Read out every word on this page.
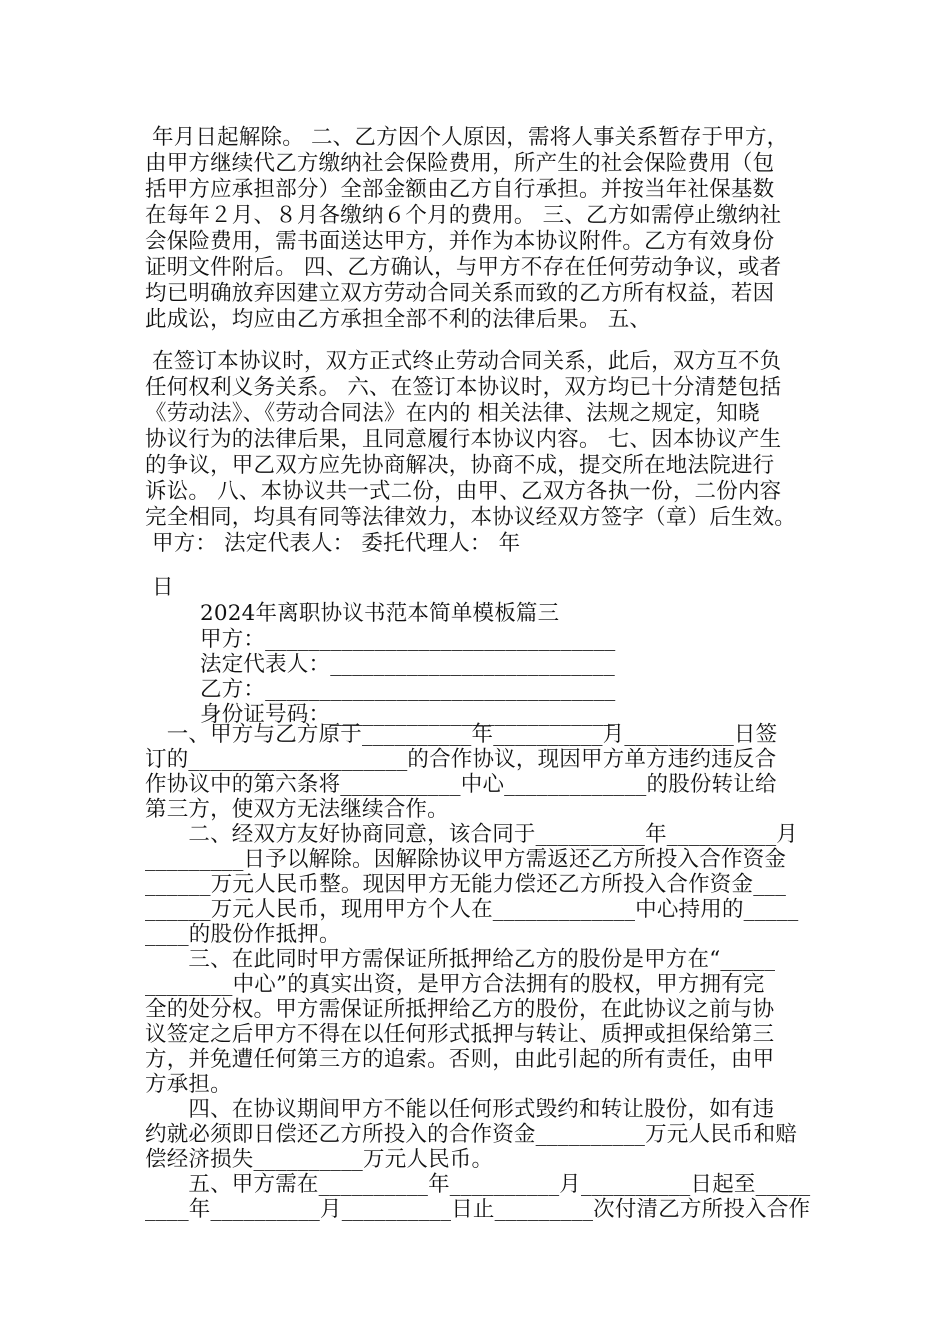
年月日起解除。 二、乙方因个人原因，需将人事关系暂存于甲方，
由甲方继续代乙方缴纳社会保险费用，所产生的社会保险费用（包
括甲方应承担部分）全部金额由乙方自行承担。并按当年社保基数
在每年２月、８月各缴纳６个月的费用。 三、乙方如需停止缴纳社
会保险费用，需书面送达甲方，并作为本协议附件。乙方有效身份
证明文件附后。 四、乙方确认，与甲方不存在任何劳动争议，或者
均已明确放弃因建立双方劳动合同关系而致的乙方所有权益，若因
此成讼，均应由乙方承担全部不利的法律后果。 五、
在签订本协议时，双方正式终止劳动合同关系，此后，双方互不负
任何权利义务关系。 六、在签订本协议时，双方均已十分清楚包括
《劳动法》、《劳动合同法》在内的 相关法律、法规之规定，知晓
协议行为的法律后果，且同意履行本协议内容。 七、因本协议产生
的争议，甲乙双方应先协商解决，协商不成，提交所在地法院进行
诉讼。 八、本协议共一式二份，由甲、乙双方各执一份，二份内容
完全相同，均具有同等法律效力，本协议经双方签字（章）后生效。
甲方： 法定代表人： 委托代理人： 年
日
2024年离职协议书范本简单模板篇三
甲方：________________________________
法定代表人：__________________________
乙方：________________________________
身份证号码：__________________________
　一、甲方与乙方原于__________年__________月__________日签
订的____________________的合作协议，现因甲方单方违约违反合
作协议中的第六条将___________中心_____________的股份转让给
第三方，使双方无法继续合作。
　　二、经双方友好协商同意，该合同于__________年__________月
_________日予以解除。因解除协议甲方需返还乙方所投入合作资金
______万元人民币整。现因甲方无能力偿还乙方所投入合作资金___
______万元人民币，现用甲方个人在_____________中心持用的_____
____的股份作抵押。
　　三、在此同时甲方需保证所抵押给乙方的股份是甲方在“_____
________中心”的真实出资，是甲方合法拥有的股权，甲方拥有完
全的处分权。甲方需保证所抵押给乙方的股份，在此协议之前与协
议签定之后甲方不得在以任何形式抵押与转让、质押或担保给第三
方，并免遭任何第三方的追索。否则，由此引起的所有责任，由甲
方承担。
　　四、在协议期间甲方不能以任何形式毁约和转让股份，如有违
约就必须即日偿还乙方所投入的合作资金__________万元人民币和赔
偿经济损失__________万元人民币。
　　五、甲方需在__________年__________月__________日起至_____
____年__________月__________日止_________次付清乙方所投入合作
